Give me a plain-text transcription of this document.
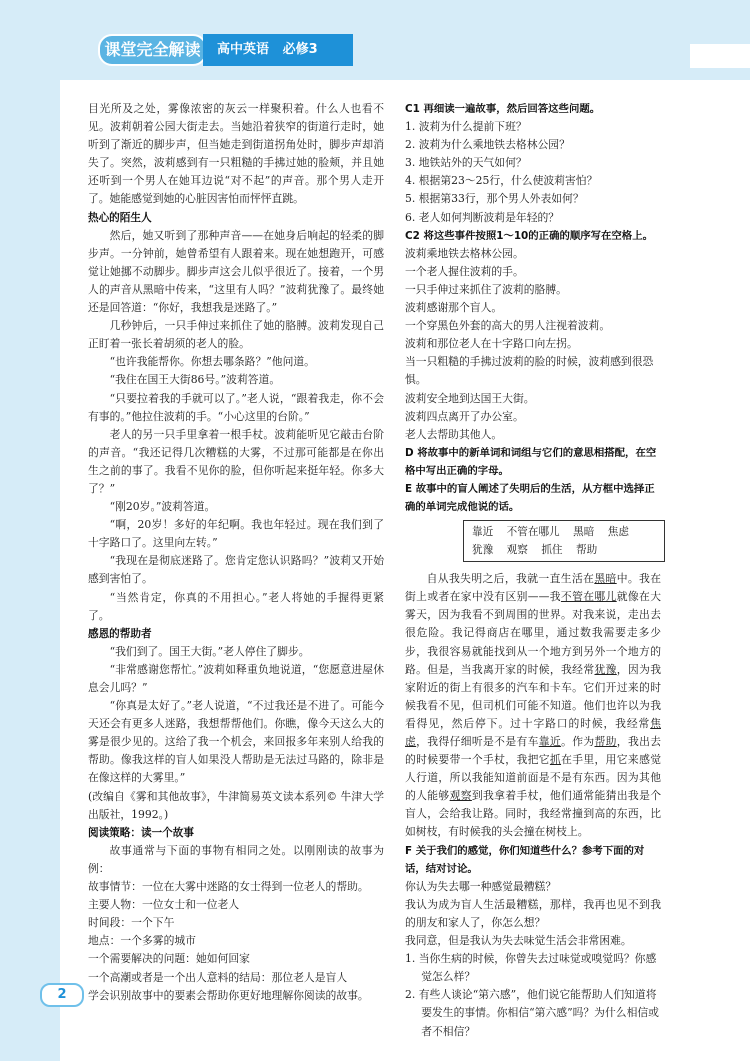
课堂完全解读	高中英语 必修3
2

目光所及之处，雾像浓密的灰云一样聚积着。什么人也看不见。波莉朝着公园大街走去。当她沿着狭窄的街道行走时，她听到了渐近的脚步声，但当她走到街道拐角处时，脚步声却消失了。突然，波莉感到有一只粗糙的手拂过她的脸颊，并且她还听到一个男人在她耳边说“对不起”的声音。那个男人走开了。她能感觉到她的心脏因害怕而怦怦直跳。

热心的陌生人

然后，她又听到了那种声音——在她身后响起的轻柔的脚步声。一分钟前，她曾希望有人跟着来。现在她想跑开，可感觉让她挪不动脚步。脚步声这会儿似乎很近了。接着，一个男人的声音从黑暗中传来，“这里有人吗？”波莉犹豫了。最终她还是回答道：“你好，我想我是迷路了。”

几秒钟后，一只手伸过来抓住了她的胳膊。波莉发现自己正盯着一张长着胡须的老人的脸。

“也许我能帮你。你想去哪条路？”他问道。

“我住在国王大街86号。”波莉答道。

“只要拉着我的手就可以了。”老人说，“跟着我走，你不会有事的。”他拉住波莉的手。“小心这里的台阶。”

老人的另一只手里拿着一根手杖。波莉能听见它敲击台阶的声音。“我还记得几次糟糕的大雾，不过那可能都是在你出生之前的事了。我看不见你的脸，但你听起来挺年轻。你多大了？”

“刚20岁。”波莉答道。

“啊，20岁！多好的年纪啊。我也年轻过。现在我们到了十字路口了。这里向左转。”

“我现在是彻底迷路了。您肯定您认识路吗？”波莉又开始感到害怕了。

“当然肯定，你真的不用担心。”老人将她的手握得更紧了。

感恩的帮助者

“我们到了。国王大街。”老人停住了脚步。

“非常感谢您帮忙。”波莉如释重负地说道，“您愿意进屋休息会儿吗？”

“你真是太好了。”老人说道，“不过我还是不进了。可能今天还会有更多人迷路，我想帮帮他们。你瞧，像今天这么大的雾是很少见的。这给了我一个机会，来回报多年来别人给我的帮助。像我这样的盲人如果没人帮助是无法过马路的，除非是在像这样的大雾里。”

(改编自《雾和其他故事》，牛津简易英文读本系列© 牛津大学出版社，1992。)

阅读策略：读一个故事

故事通常与下面的事物有相同之处。以刚刚读的故事为例：

故事情节：一位在大雾中迷路的女士得到一位老人的帮助。

主要人物：一位女士和一位老人

时间段：一个下午

地点：一个多雾的城市

一个需要解决的问题：她如何回家

一个高潮或者是一个出人意料的结局：那位老人是盲人

学会识别故事中的要素会帮助你更好地理解你阅读的故事。

C1 再细读一遍故事，然后回答这些问题。

1. 波莉为什么提前下班？

2. 波莉为什么乘地铁去格林公园？

3. 地铁站外的天气如何？

4. 根据第23～25行，什么使波莉害怕？

5. 根据第33行，那个男人外表如何？

6. 老人如何判断波莉是年轻的？

C2 将这些事件按照1～10的正确的顺序写在空格上。

波莉乘地铁去格林公园。

一个老人握住波莉的手。

一只手伸过来抓住了波莉的胳膊。

波莉感谢那个盲人。

一个穿黑色外套的高大的男人注视着波莉。

波莉和那位老人在十字路口向左拐。

当一只粗糙的手拂过波莉的脸的时候，波莉感到很恐惧。

波莉安全地到达国王大街。

波莉四点离开了办公室。

老人去帮助其他人。

D 将故事中的新单词和词组与它们的意思相搭配，在空格中写出正确的字母。

E 故事中的盲人阐述了失明后的生活，从方框中选择正确的单词完成他说的话。

靠近    不管在哪儿    黑暗    焦虑
犹豫    观察    抓住    帮助

自从我失明之后，我就一直生活在黑暗中。我在街上或者在家中没有区别——我不管在哪儿就像在大雾天，因为我看不到周围的世界。对我来说，走出去很危险。我记得商店在哪里，通过数我需要走多少步，我很容易就能找到从一个地方到另外一个地方的路。但是，当我离开家的时候，我经常犹豫，因为我家附近的街上有很多的汽车和卡车。它们开过来的时候我看不见，但司机们可能不知道。他们也许以为我看得见，然后停下。过十字路口的时候，我经常焦虑，我得仔细听是不是有车靠近。作为帮助，我出去的时候要带一个手杖，我把它抓在手里，用它来感觉人行道，所以我能知道前面是不是有东西。因为其他的人能够观察到我拿着手杖，他们通常能猜出我是个盲人，会给我让路。同时，我经常撞到高的东西，比如树枝，有时候我的头会撞在树枝上。

F 关于我们的感觉，你们知道些什么？参考下面的对话，结对讨论。

你认为失去哪一种感觉最糟糕？

我认为成为盲人生活最糟糕，那样，我再也见不到我的朋友和家人了，你怎么想？

我同意，但是我认为失去味觉生活会非常困难。

1. 当你生病的时候，你曾失去过味觉或嗅觉吗？你感觉怎么样？

2. 有些人谈论“第六感”，他们说它能帮助人们知道将要发生的事情。你相信“第六感”吗？为什么相信或者不相信？
